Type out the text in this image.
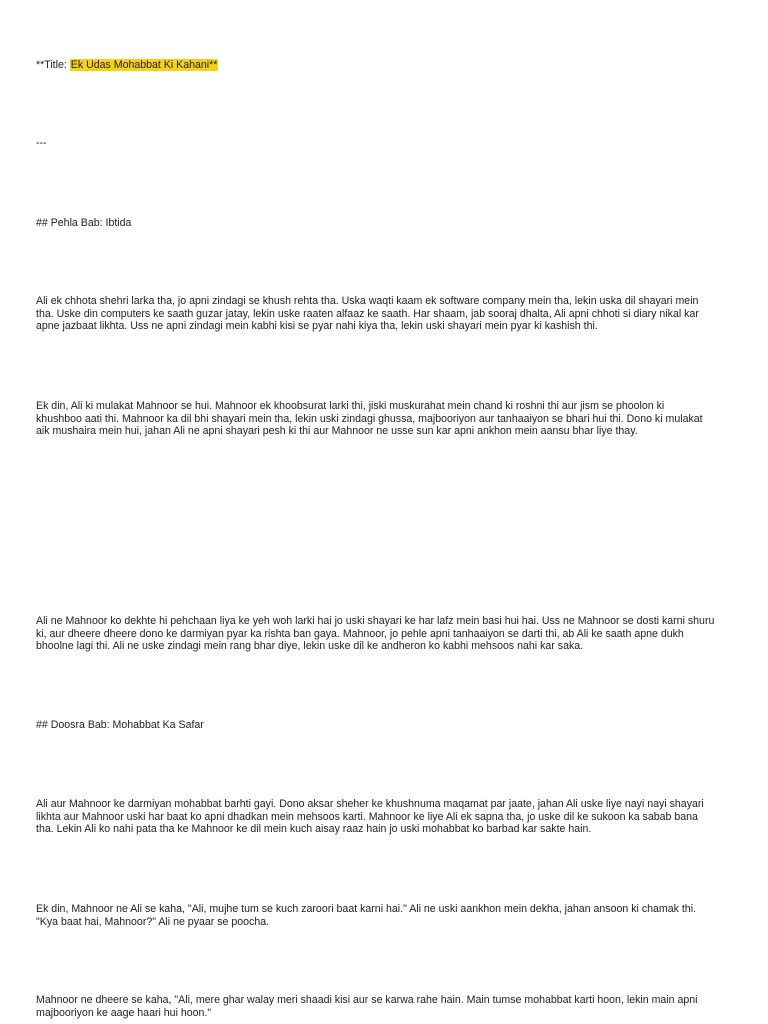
**Title: Ek Udas Mohabbat Ki Kahani**

---

## Pehla Bab: Ibtida

Ali ek chhota shehri larka tha, jo apni zindagi se khush rehta tha. Uska waqti kaam ek software company mein tha, lekin uska dil shayari mein
tha. Uske din computers ke saath guzar jatay, lekin uske raaten alfaaz ke saath. Har shaam, jab sooraj dhalta, Ali apni chhoti si diary nikal kar
apne jazbaat likhta. Uss ne apni zindagi mein kabhi kisi se pyar nahi kiya tha, lekin uski shayari mein pyar ki kashish thi.
Ek din, Ali ki mulakat Mahnoor se hui. Mahnoor ek khoobsurat larki thi, jiski muskurahat mein chand ki roshni thi aur jism se phoolon ki
khushboo aati thi. Mahnoor ka dil bhi shayari mein tha, lekin uski zindagi ghussa, majbooriyon aur tanhaaiyon se bhari hui thi. Dono ki mulakat
aik mushaira mein hui, jahan Ali ne apni shayari pesh ki thi aur Mahnoor ne usse sun kar apni ankhon mein aansu bhar liye thay.
Ali ne Mahnoor ko dekhte hi pehchaan liya ke yeh woh larki hai jo uski shayari ke har lafz mein basi hui hai. Uss ne Mahnoor se dosti karni shuru
ki, aur dheere dheere dono ke darmiyan pyar ka rishta ban gaya. Mahnoor, jo pehle apni tanhaaiyon se darti thi, ab Ali ke saath apne dukh
bhoolne lagi thi. Ali ne uske zindagi mein rang bhar diye, lekin uske dil ke andheron ko kabhi mehsoos nahi kar saka.

## Doosra Bab: Mohabbat Ka Safar

Ali aur Mahnoor ke darmiyan mohabbat barhti gayi. Dono aksar sheher ke khushnuma maqamat par jaate, jahan Ali uske liye nayi nayi shayari
likhta aur Mahnoor uski har baat ko apni dhadkan mein mehsoos karti. Mahnoor ke liye Ali ek sapna tha, jo uske dil ke sukoon ka sabab bana
tha. Lekin Ali ko nahi pata tha ke Mahnoor ke dil mein kuch aisay raaz hain jo uski mohabbat ko barbad kar sakte hain.
Ek din, Mahnoor ne Ali se kaha, "Ali, mujhe tum se kuch zaroori baat karni hai." Ali ne uski aankhon mein dekha, jahan ansoon ki chamak thi.
"Kya baat hai, Mahnoor?" Ali ne pyaar se poocha.
Mahnoor ne dheere se kaha, "Ali, mere ghar walay meri shaadi kisi aur se karwa rahe hain. Main tumse mohabbat karti hoon, lekin main apni
majbooriyon ke aage haari hui hoon."
